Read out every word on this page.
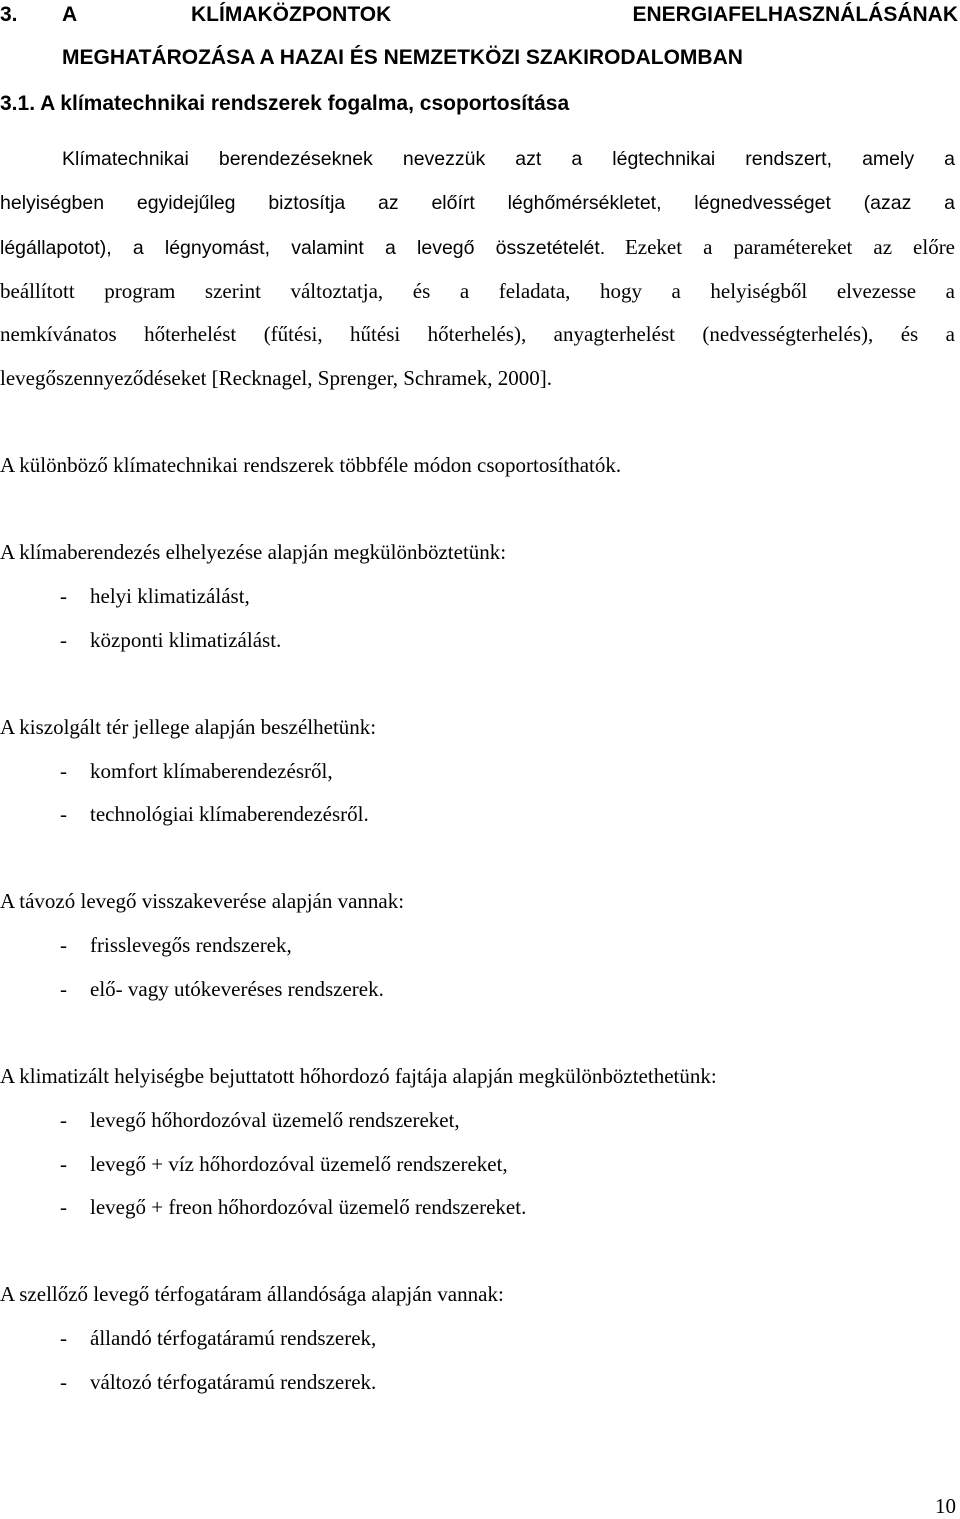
3. A	KLÍMAKÖZPONTOK	ENERGIAFELHASZNÁLÁSÁNAK
MEGHATÁROZÁSA A HAZAI ÉS NEMZETKÖZI SZAKIRODALOMBAN
3.1. A klímatechnikai rendszerek fogalma, csoportosítása
Klímatechnikai berendezéseknek nevezzük azt a légtechnikai rendszert, amely a
helyiségben egyidejűleg biztosítja az előírt léghőmérsékletet, légnedvességet (azaz a
légállapotot), a légnyomást, valamint a levegő összetételét. Ezeket a paramétereket az előre
beállított program szerint változtatja, és a feladata, hogy a helyiségből elvezesse a
nemkívánatos hőterhelést (fűtési, hűtési hőterhelés), anyagterhelést (nedvességterhelés), és a
levegőszennyeződéseket [Recknagel, Sprenger, Schramek, 2000].
A különböző klímatechnikai rendszerek többféle módon csoportosíthatók.
A klímaberendezés elhelyezése alapján megkülönböztetünk:
- helyi klimatizálást,
- központi klimatizálást.
A kiszolgált tér jellege alapján beszélhetünk:
- komfort klímaberendezésről,
- technológiai klímaberendezésről.
A távozó levegő visszakeverése alapján vannak:
- frisslevegős rendszerek,
- elő- vagy utókeveréses rendszerek.
A klimatizált helyiségbe bejuttatott hőhordozó fajtája alapján megkülönböztethetünk:
- levegő hőhordozóval üzemelő rendszereket,
- levegő + víz hőhordozóval üzemelő rendszereket,
- levegő + freon hőhordozóval üzemelő rendszereket.
A szellőző levegő térfogatáram állandósága alapján vannak:
- állandó térfogatáramú rendszerek,
- változó térfogatáramú rendszerek.
10
